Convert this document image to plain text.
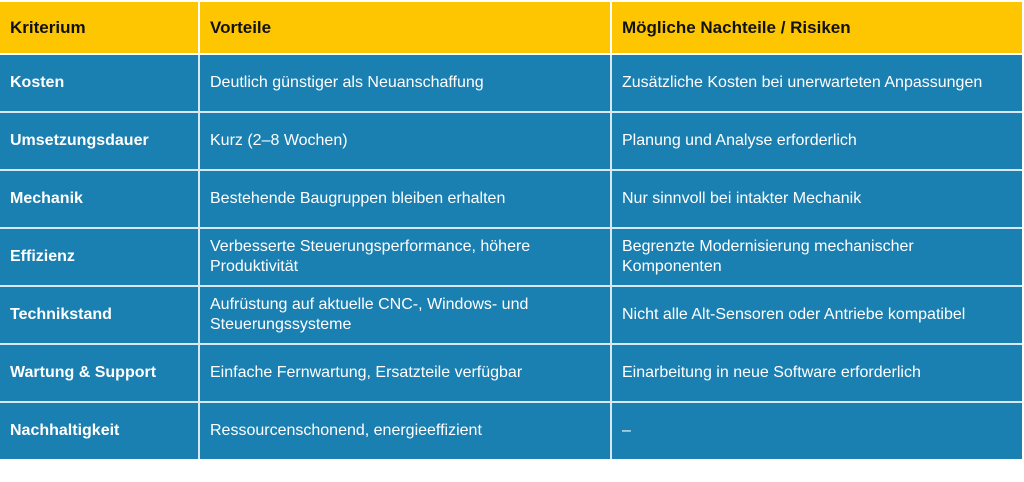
Kriterium	Vorteile	Mögliche Nachteile / Risiken
Kosten	Deutlich günstiger als Neuanschaffung	Zusätzliche Kosten bei unerwarteten Anpassungen
Umsetzungsdauer	Kurz (2–8 Wochen)	Planung und Analyse erforderlich
Mechanik	Bestehende Baugruppen bleiben erhalten	Nur sinnvoll bei intakter Mechanik
Effizienz	Verbesserte Steuerungsperformance, höhere Produktivität	Begrenzte Modernisierung mechanischer Komponenten
Technikstand	Aufrüstung auf aktuelle CNC-, Windows- und Steuerungssysteme	Nicht alle Alt-Sensoren oder Antriebe kompatibel
Wartung & Support	Einfache Fernwartung, Ersatzteile verfügbar	Einarbeitung in neue Software erforderlich
Nachhaltigkeit	Ressourcenschonend, energieeffizient	–
